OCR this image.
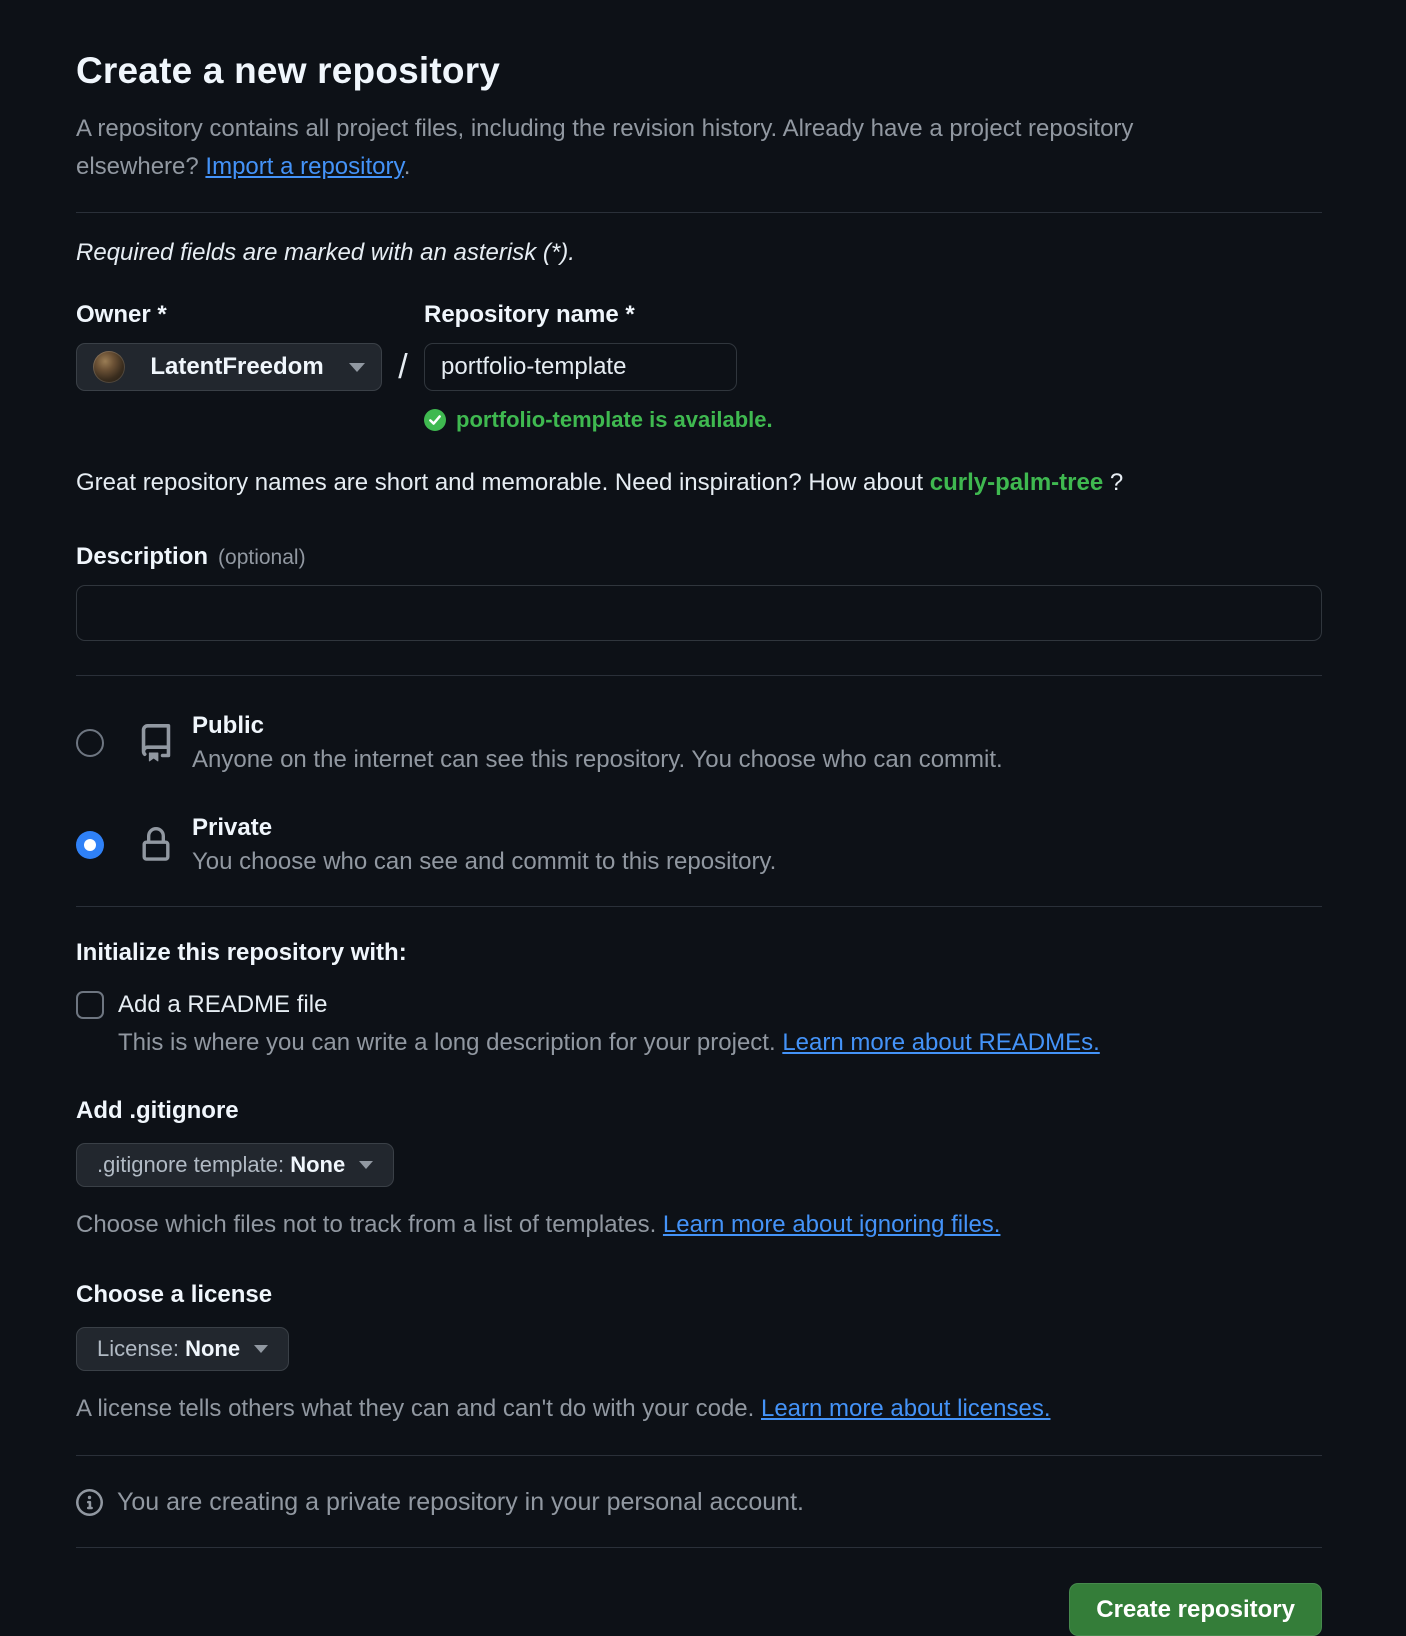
Create a new repository

A repository contains all project files, including the revision history. Already have a project repository elsewhere? Import a repository.

Required fields are marked with an asterisk (*).

Owner *	Repository name *
LatentFreedom	/
portfolio-template
portfolio-template is available.

Great repository names are short and memorable. Need inspiration? How about curly-palm-tree ?

Description (optional)
Public
Anyone on the internet can see this repository. You choose who can commit.
Private
You choose who can see and commit to this repository.
Initialize this repository with:
Add a README file

This is where you can write a long description for your project. Learn more about READMEs.

Add .gitignore
.gitignore template: None

Choose which files not to track from a list of templates. Learn more about ignoring files.

Choose a license
License: None

A license tells others what they can and can't do with your code. Learn more about licenses.

You are creating a private repository in your personal account.
Create repository
